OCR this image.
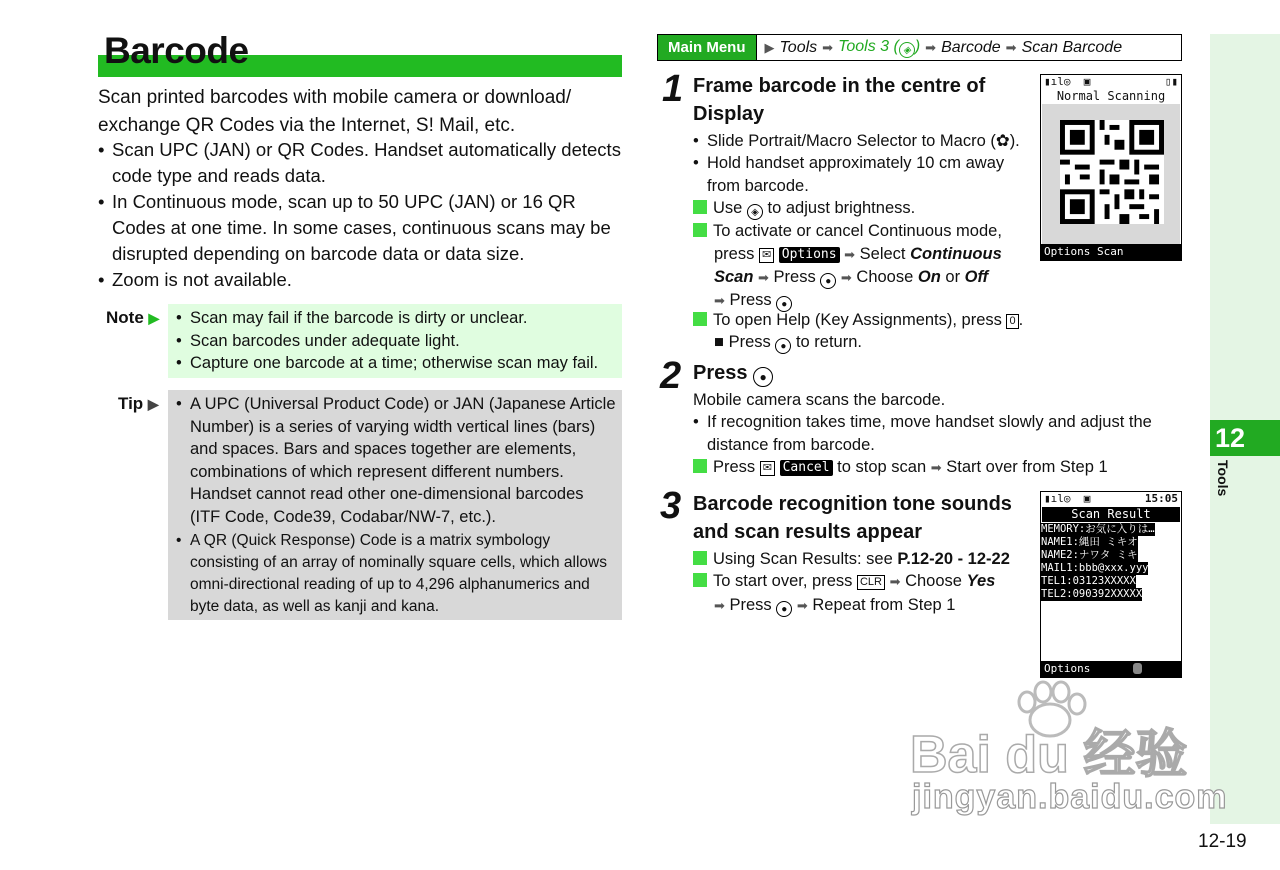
Barcode
Scan printed barcodes with mobile camera or download/ exchange QR Codes via the Internet, S! Mail, etc.
• Scan UPC (JAN) or QR Codes. Handset automatically detects code type and reads data.
• In Continuous mode, scan up to 50 UPC (JAN) or 16 QR Codes at one time. In some cases, continuous scans may be disrupted depending on barcode data or data size.
• Zoom is not available.
Note ▶	• Scan may fail if the barcode is dirty or unclear.
• Scan barcodes under adequate light.
• Capture one barcode at a time; otherwise scan may fail.
Tip ▶	• A UPC (Universal Product Code) or JAN (Japanese Article Number) is a series of varying width vertical lines (bars) and spaces. Bars and spaces together are elements, combinations of which represent different numbers. Handset cannot read other one-dimensional barcodes (ITF Code, Code39, Codabar/NW-7, etc.).
• A QR (Quick Response) Code is a matrix symbology consisting of an array of nominally square cells, which allows omni-directional reading of up to 4,296 alphanumerics and byte data, as well as kanji and kana.
Main Menu	▶ Tools ➡ Tools 3 ( ◈ ) ➡ Barcode ➡ Scan Barcode
1 Frame barcode in the centre of Display
• Slide Portrait/Macro Selector to Macro (✿).
• Hold handset approximately 10 cm away from barcode.
Use ◈ to adjust brightness.
To activate or cancel Continuous mode,
press ✉ Options ➡ Select Continuous Scan ➡ Press ● ➡ Choose On or Off
➡ Press ●
To open Help (Key Assignments), press 0 .
■ Press ● to return.
▮ıl◎  ▣	▯▮
Normal Scanning
Options Scan
2 Press ●
Mobile camera scans the barcode.
• If recognition takes time, move handset slowly and adjust the distance from barcode.
Press ✉ Cancel to stop scan ➡ Start over from Step 1
3 Barcode recognition tone sounds and scan results appear
Using Scan Results: see P.12-20 - 12-22
To start over, press CLR ➡ Choose Yes
➡ Press ● ➡ Repeat from Step 1
▮ıl◎  ▣	15:05
Scan Result
MEMORY:お気に入りは…
NAME1:縄田 ミキオ
NAME2:ナワタ ミキ
MAIL1:bbb@xxx.yyy
TEL1:03123XXXXX
TEL2:090392XXXXX
Options
12
Tools
Bai du 经验
jingyan.baidu.com
12-19
